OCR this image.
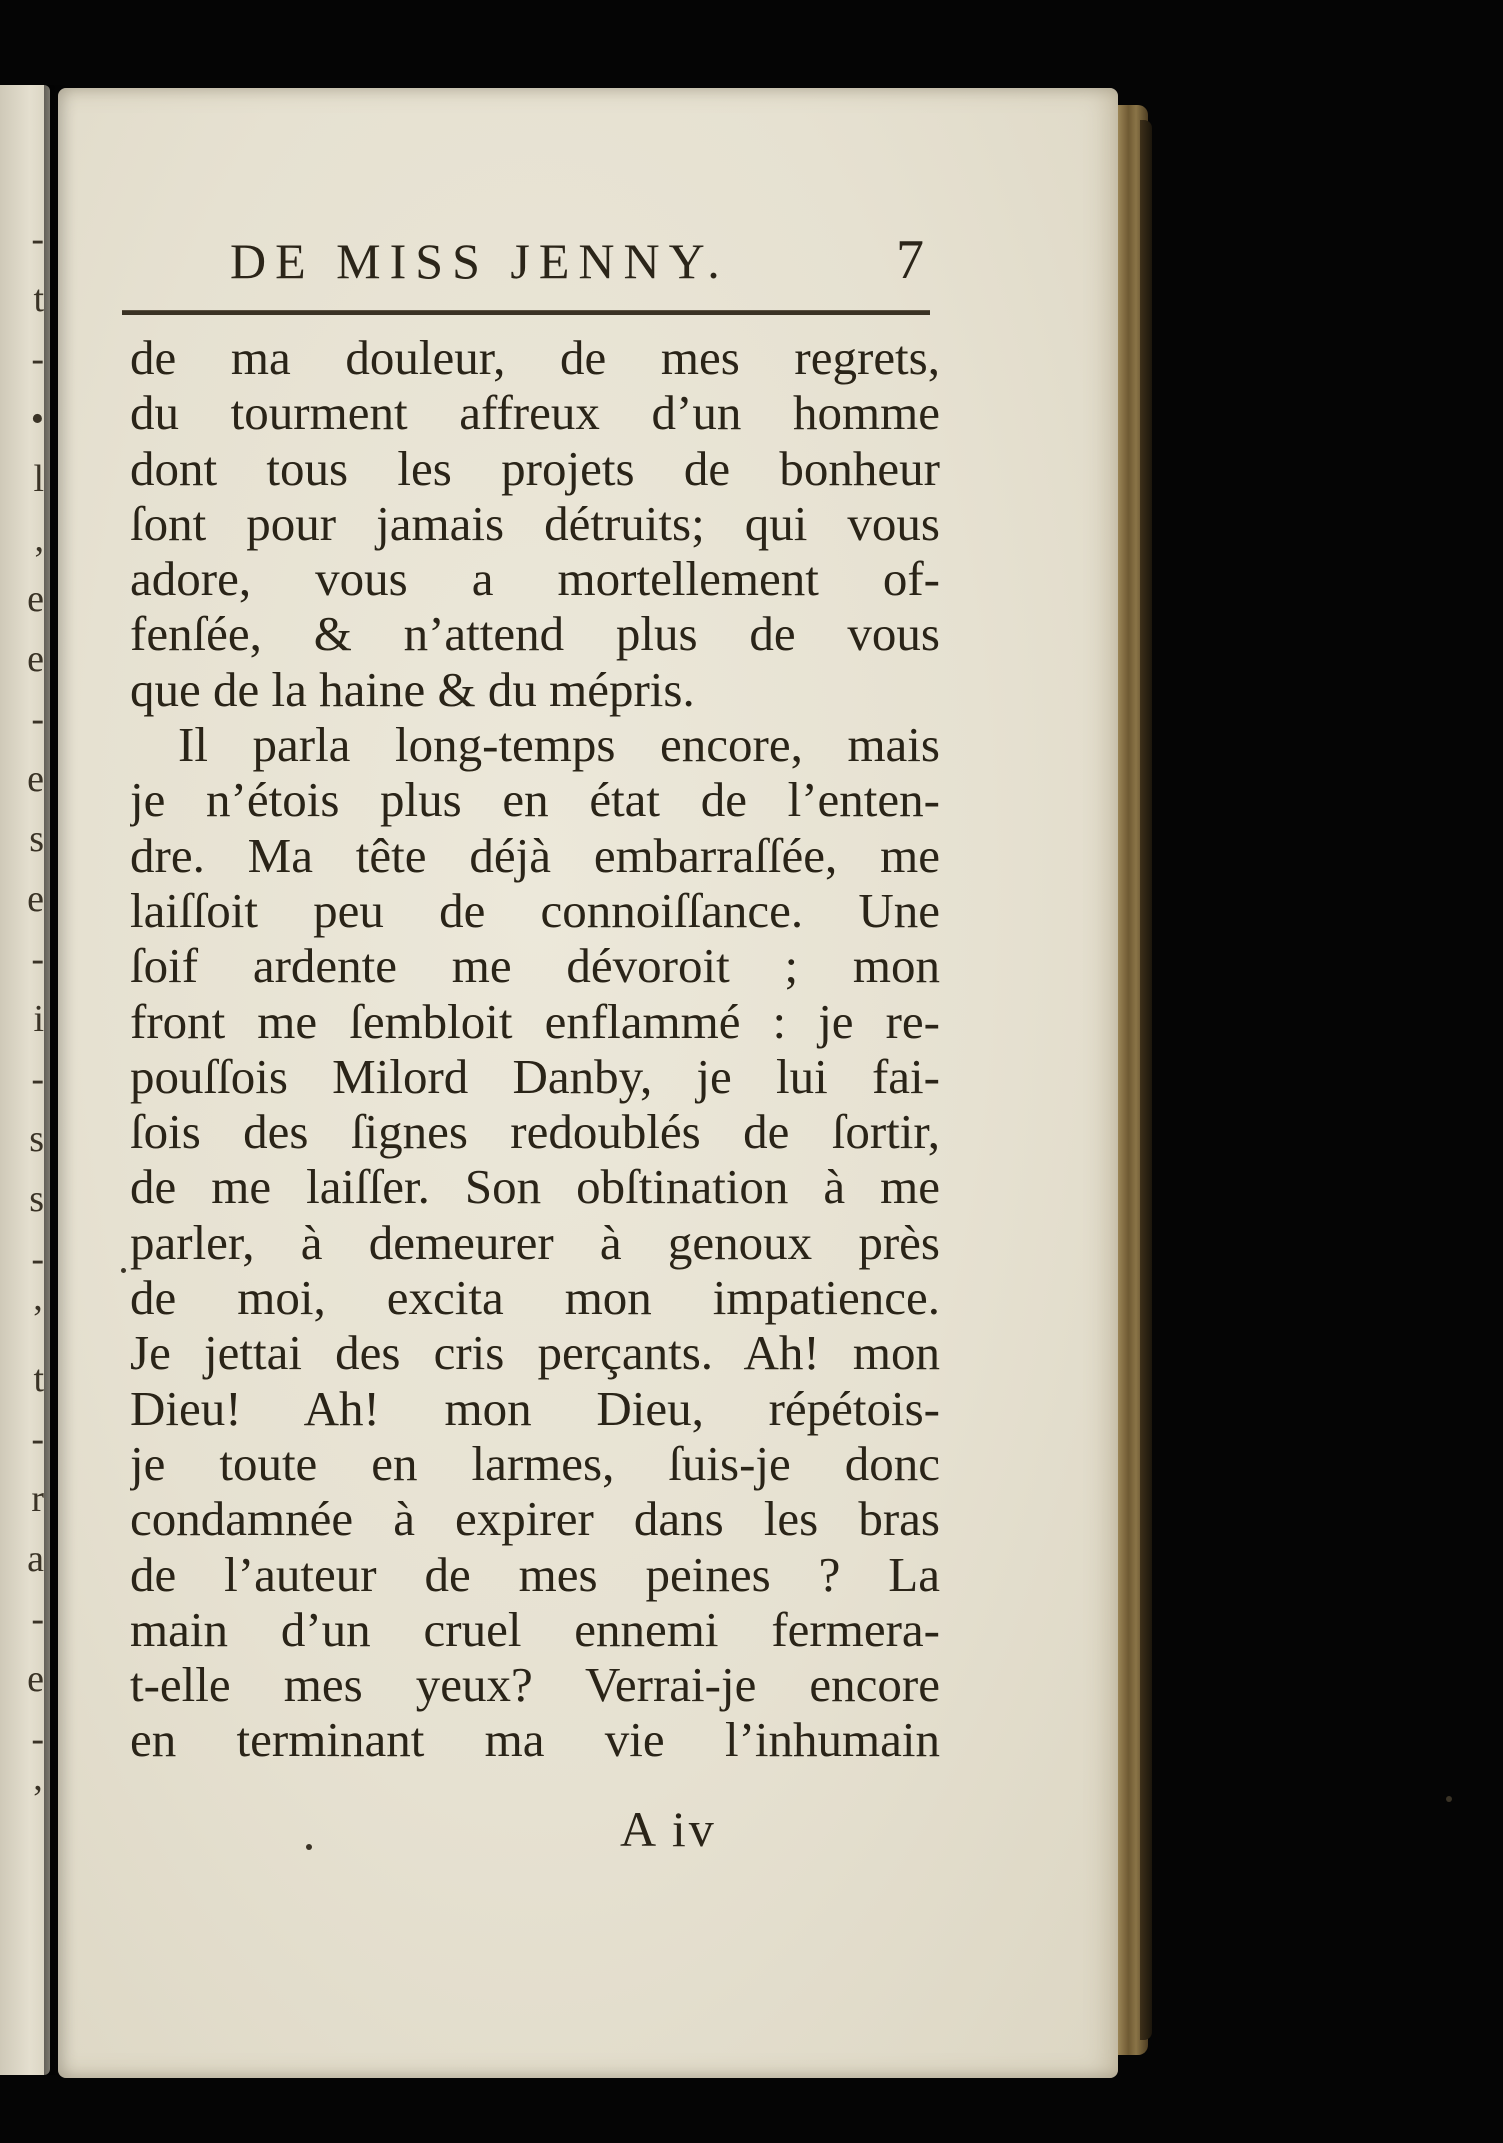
-
t
-
•
l
,
e
e
-
e
s
e
-
i
-
s
s
-
’
t
-
r
a
-
e
-
’
DE MISS JENNY.	7
de ma douleur, de mes regrets,
du tourment affreux d’un homme
dont tous les projets de bonheur
ſont pour jamais détruits; qui vous
adore, vous a mortellement of-
fenſée, & n’attend plus de vous
que de la haine & du mépris.
Il parla long-temps encore, mais
je n’étois plus en état de l’enten-
dre. Ma tête déjà embarraſſée, me
laiſſoit peu de connoiſſance. Une
ſoif ardente me dévoroit ; mon
front me ſembloit enflammé : je re-
pouſſois Milord Danby, je lui fai-
ſois des ſignes redoublés de ſortir,
de me laiſſer. Son obſtination à me
parler, à demeurer à genoux près
de moi, excita mon impatience.
Je jettai des cris perçants. Ah! mon
Dieu! Ah! mon Dieu, répétois-
je toute en larmes, ſuis-je donc
condamnée à expirer dans les bras
de l’auteur de mes peines ? La
main d’un cruel ennemi fermera-
t-elle mes yeux? Verrai-je encore
en terminant ma vie l’inhumain
A iv
